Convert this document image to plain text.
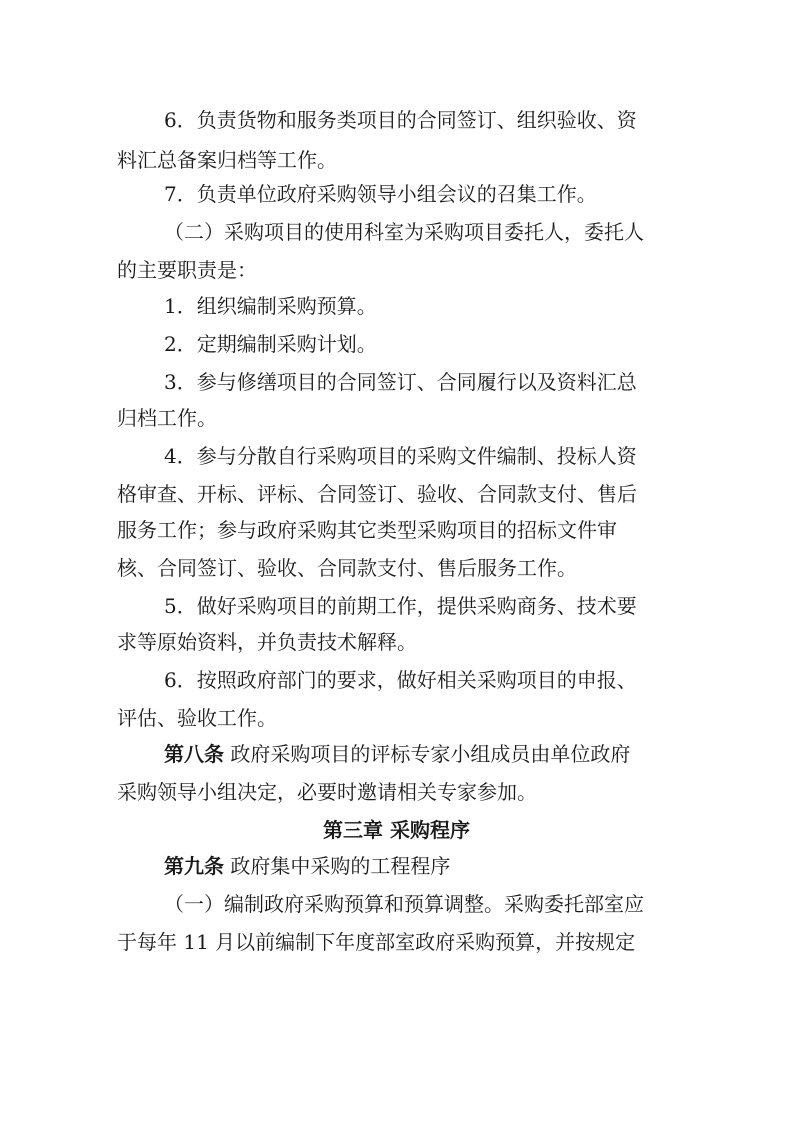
6．负责货物和服务类项目的合同签订、组织验收、资
料汇总备案归档等工作。
7．负责单位政府采购领导小组会议的召集工作。
（二）采购项目的使用科室为采购项目委托人，委托人
的主要职责是：
1．组织编制采购预算。
2．定期编制采购计划。
3．参与修缮项目的合同签订、合同履行以及资料汇总
归档工作。
4．参与分散自行采购项目的采购文件编制、投标人资
格审查、开标、评标、合同签订、验收、合同款支付、售后
服务工作；参与政府采购其它类型采购项目的招标文件审
核、合同签订、验收、合同款支付、售后服务工作。
5．做好采购项目的前期工作，提供采购商务、技术要
求等原始资料，并负责技术解释。
6．按照政府部门的要求，做好相关采购项目的申报、
评估、验收工作。
第八条 政府采购项目的评标专家小组成员由单位政府
采购领导小组决定，必要时邀请相关专家参加。
第三章 采购程序
第九条 政府集中采购的工程程序
（一）编制政府采购预算和预算调整。采购委托部室应
于每年 11 月以前编制下年度部室政府采购预算，并按规定
